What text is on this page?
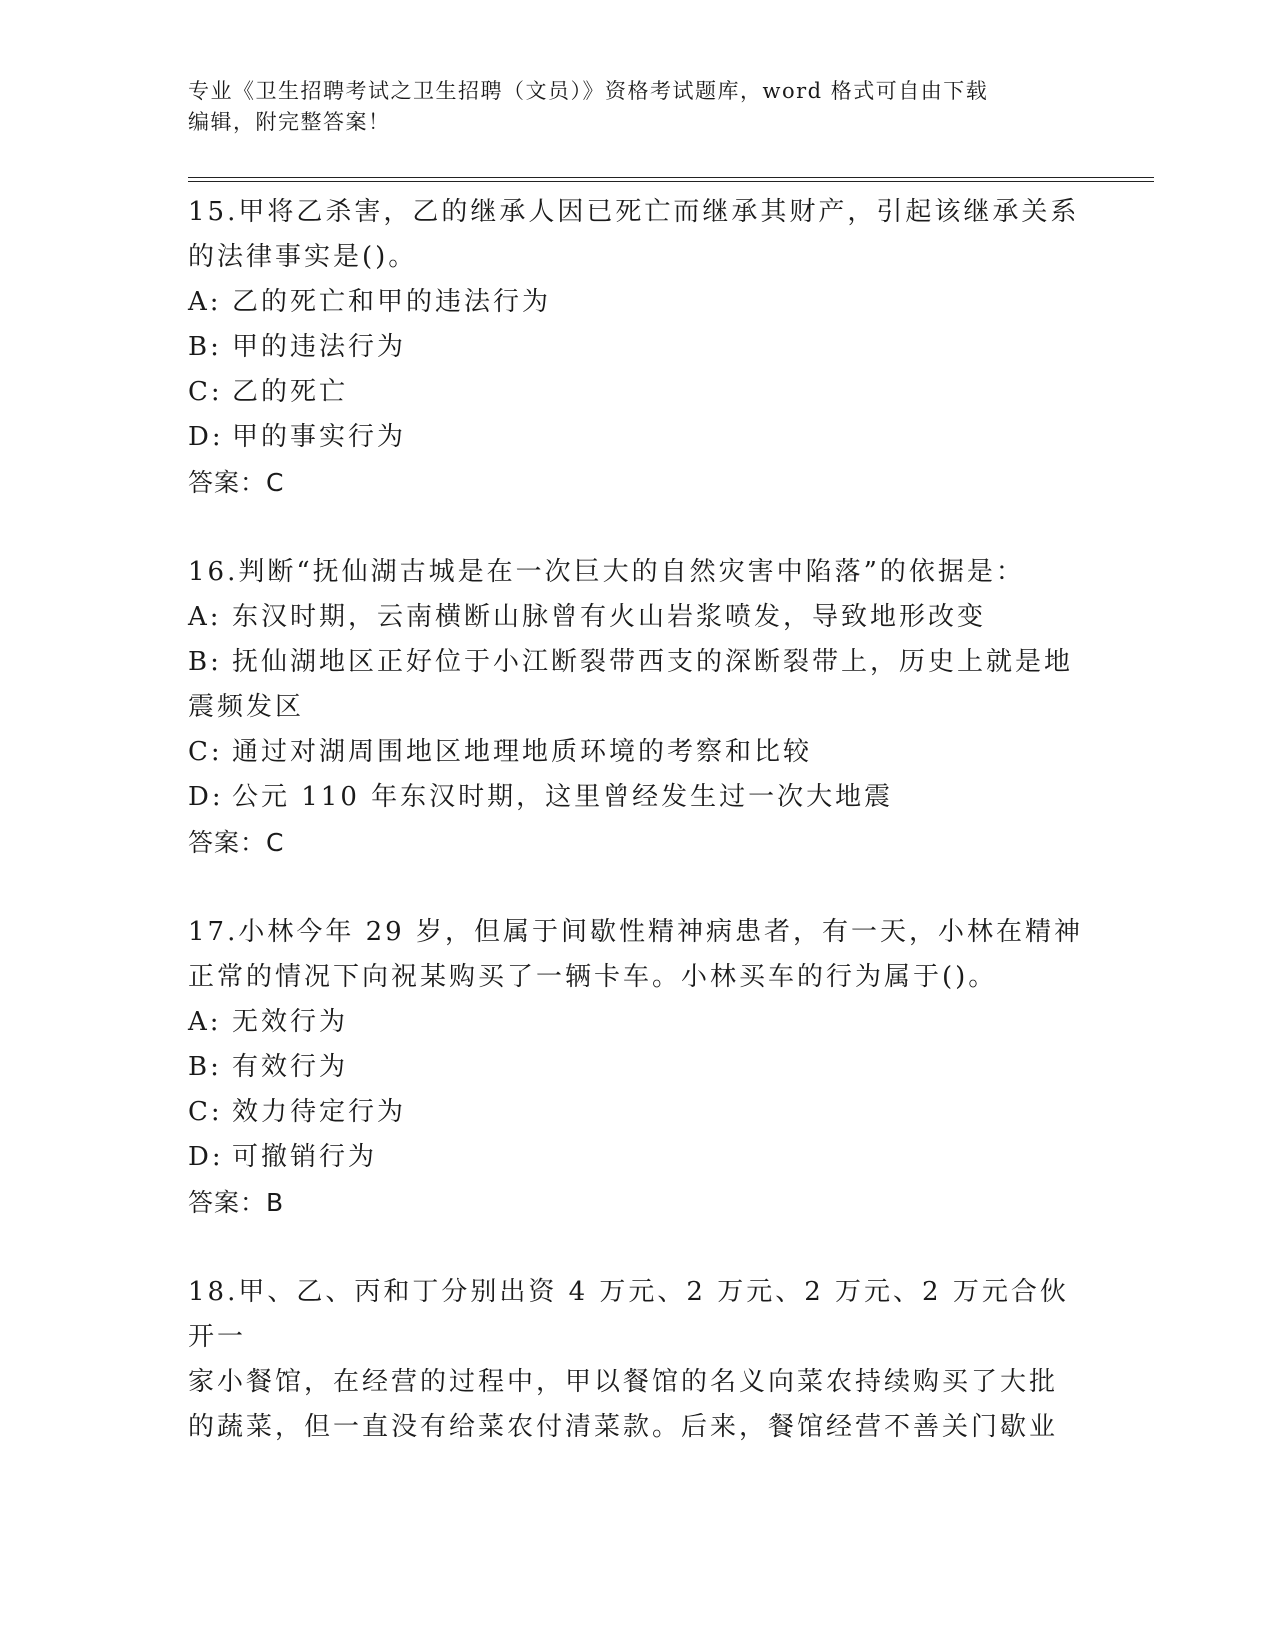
专业《卫生招聘考试之卫生招聘（文员）》资格考试题库，word 格式可自由下载
编辑，附完整答案！
15.甲将乙杀害，乙的继承人因已死亡而继承其财产，引起该继承关系
的法律事实是()。
A: 乙的死亡和甲的违法行为
B: 甲的违法行为
C: 乙的死亡
D: 甲的事实行为
答案：C
16.判断“抚仙湖古城是在一次巨大的自然灾害中陷落”的依据是：
A: 东汉时期，云南横断山脉曾有火山岩浆喷发，导致地形改变
B: 抚仙湖地区正好位于小江断裂带西支的深断裂带上，历史上就是地
震频发区
C: 通过对湖周围地区地理地质环境的考察和比较
D: 公元 110 年东汉时期，这里曾经发生过一次大地震
答案：C
17.小林今年 29 岁，但属于间歇性精神病患者，有一天，小林在精神
正常的情况下向祝某购买了一辆卡车。小林买车的行为属于()。
A: 无效行为
B: 有效行为
C: 效力待定行为
D: 可撤销行为
答案：B
18.甲、乙、丙和丁分别出资 4 万元、2 万元、2 万元、2 万元合伙开一
家小餐馆，在经营的过程中，甲以餐馆的名义向菜农持续购买了大批
的蔬菜，但一直没有给菜农付清菜款。后来，餐馆经营不善关门歇业
